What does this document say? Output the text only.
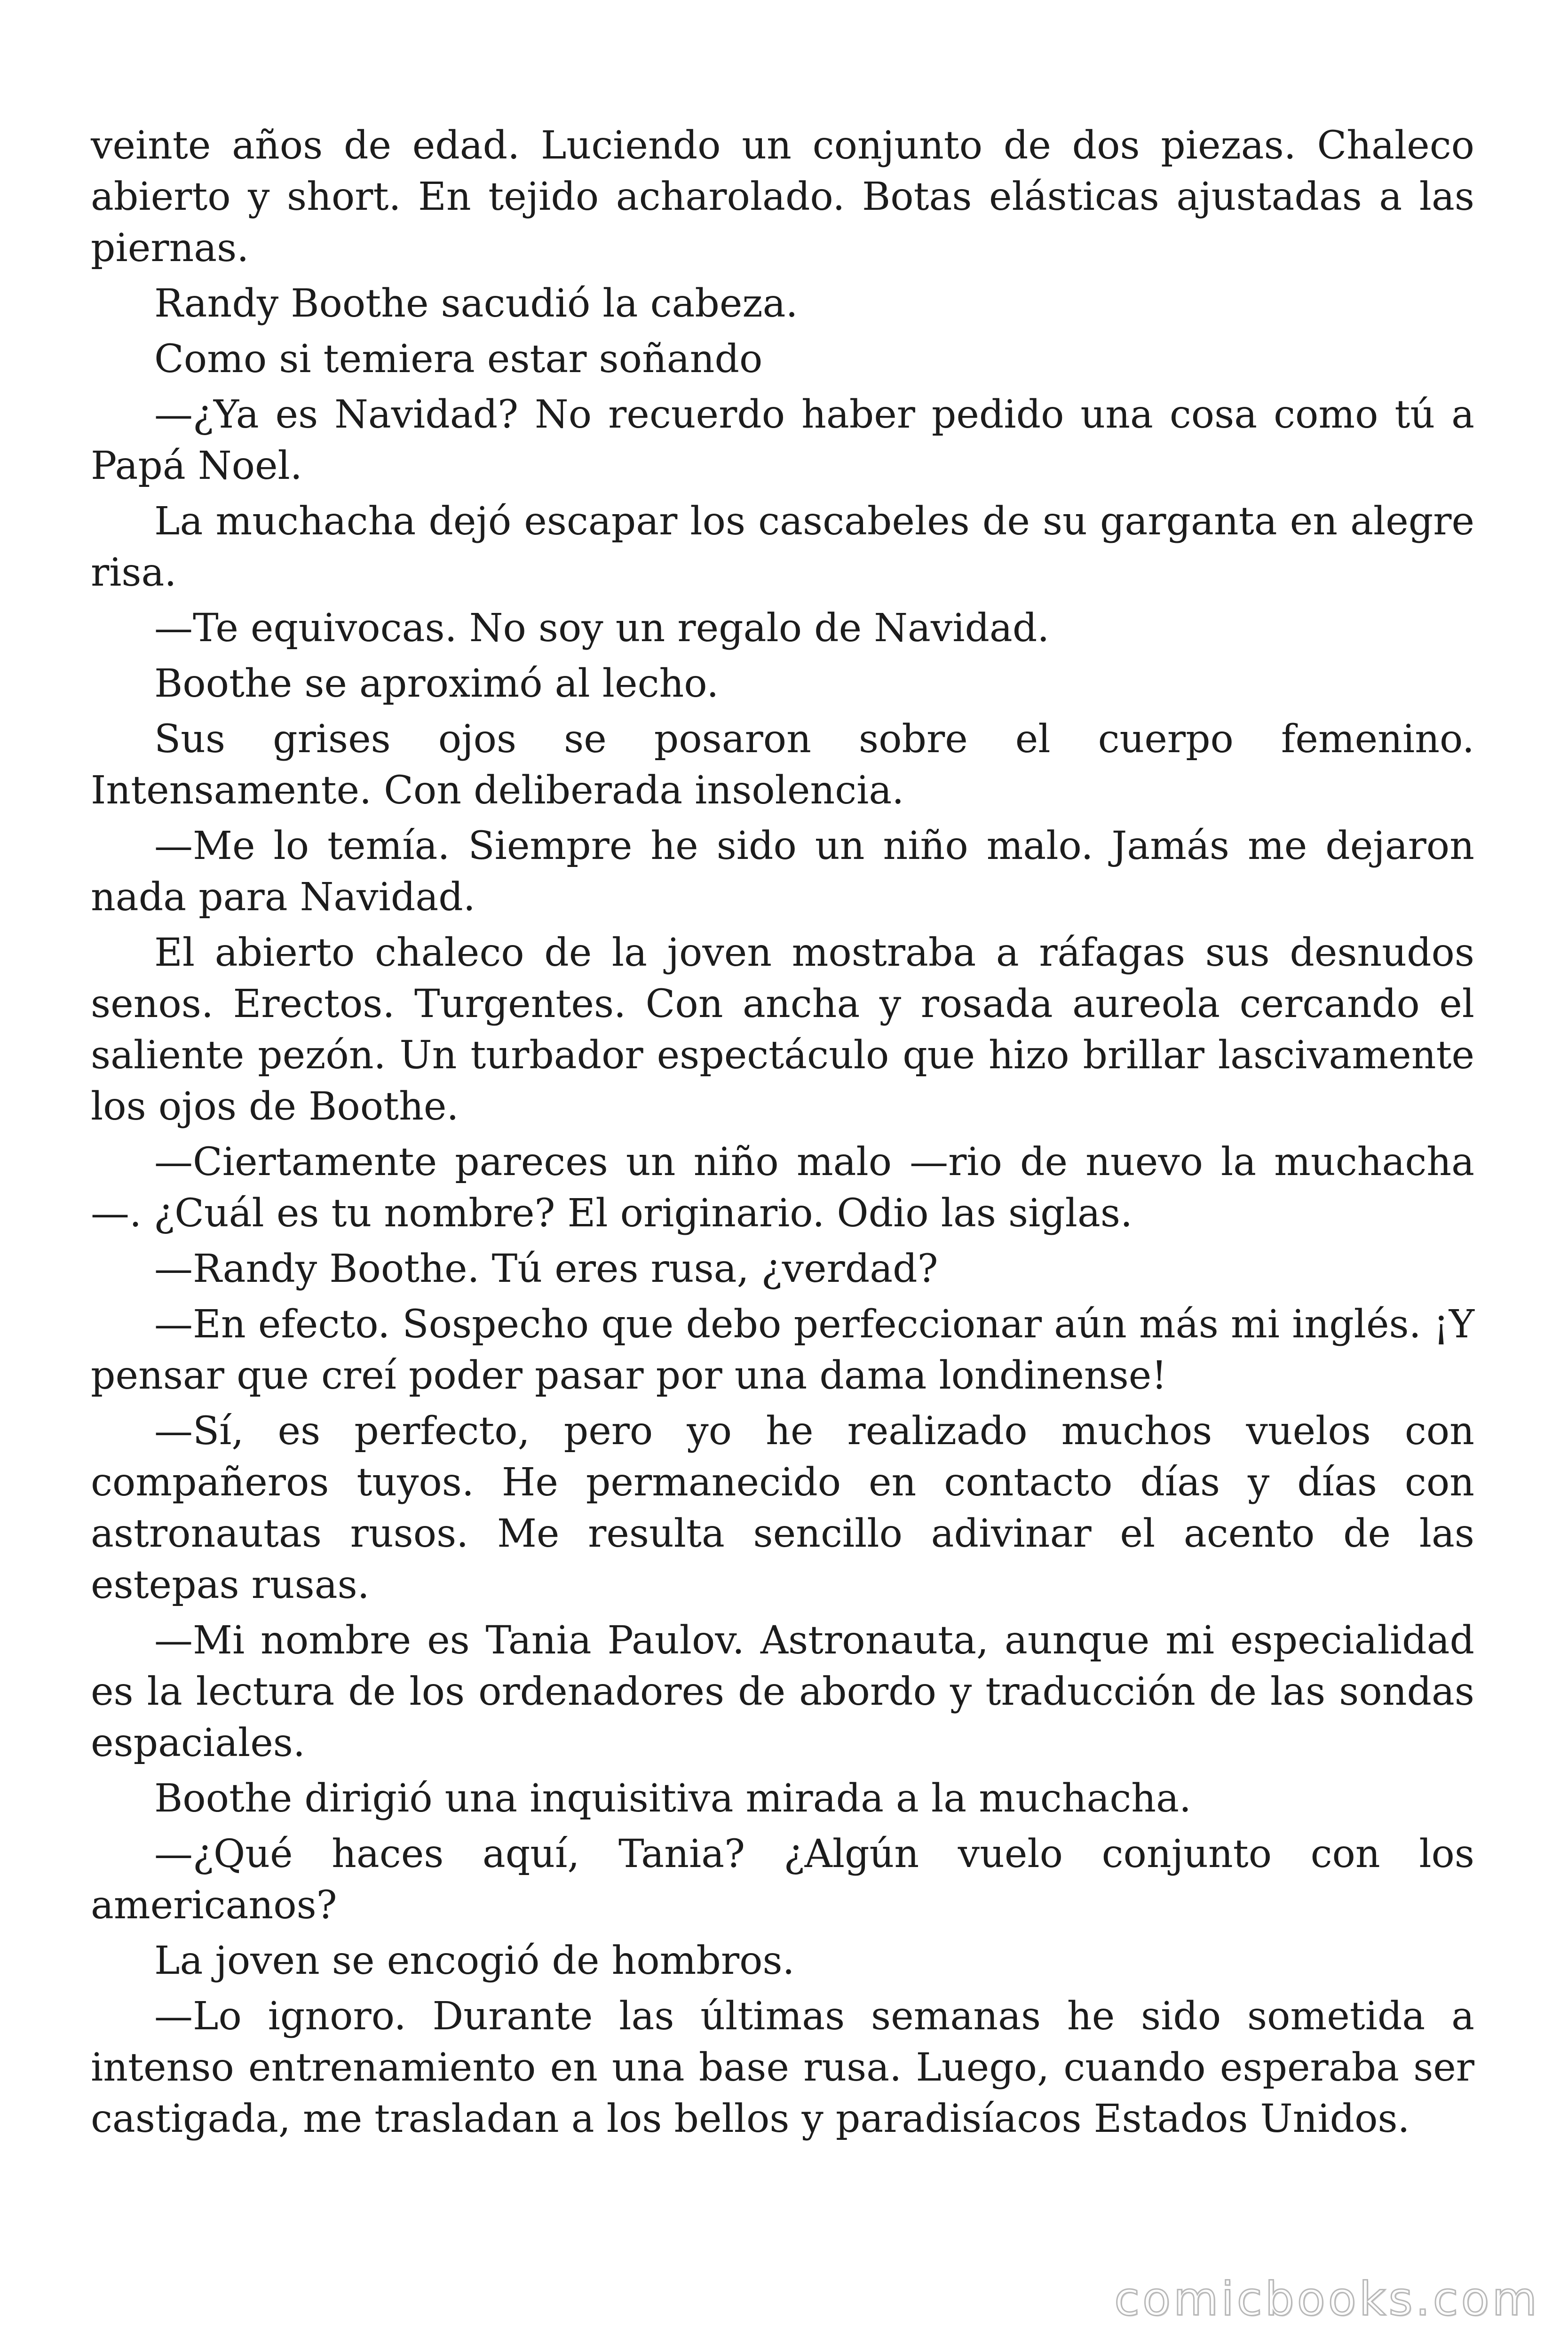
veinte años de edad. Luciendo un conjunto de dos piezas. Chaleco abierto y short. En tejido acharolado. Botas elásticas ajustadas a las piernas.

Randy Boothe sacudió la cabeza.

Como si temiera estar soñando

—¿Ya es Navidad? No recuerdo haber pedido una cosa como tú a Papá Noel.

La muchacha dejó escapar los cascabeles de su garganta en alegre risa.

—Te equivocas. No soy un regalo de Navidad.

Boothe se aproximó al lecho.

Sus grises ojos se posaron sobre el cuerpo femenino. Intensamente. Con deliberada insolencia.

—Me lo temía. Siempre he sido un niño malo. Jamás me dejaron nada para Navidad.

El abierto chaleco de la joven mostraba a ráfagas sus desnudos senos. Erectos. Turgentes. Con ancha y rosada aureola cercando el saliente pezón. Un turbador espectáculo que hizo brillar lascivamente los ojos de Boothe.

—Ciertamente pareces un niño malo —rio de nuevo la muchacha—. ¿Cuál es tu nombre? El originario. Odio las siglas.

—Randy Boothe. Tú eres rusa, ¿verdad?

—En efecto. Sospecho que debo perfeccionar aún más mi inglés. ¡Y pensar que creí poder pasar por una dama londinense!

—Sí, es perfecto, pero yo he realizado muchos vuelos con compañeros tuyos. He permanecido en contacto días y días con astronautas rusos. Me resulta sencillo adivinar el acento de las estepas rusas.

—Mi nombre es Tania Paulov. Astronauta, aunque mi especialidad es la lectura de los ordenadores de abordo y traducción de las sondas espaciales.

Boothe dirigió una inquisitiva mirada a la muchacha.

—¿Qué haces aquí, Tania? ¿Algún vuelo conjunto con los americanos?

La joven se encogió de hombros.

—Lo ignoro. Durante las últimas semanas he sido sometida a intenso entrenamiento en una base rusa. Luego, cuando esperaba ser castigada, me trasladan a los bellos y paradisíacos Estados Unidos.

comicbooks.com
